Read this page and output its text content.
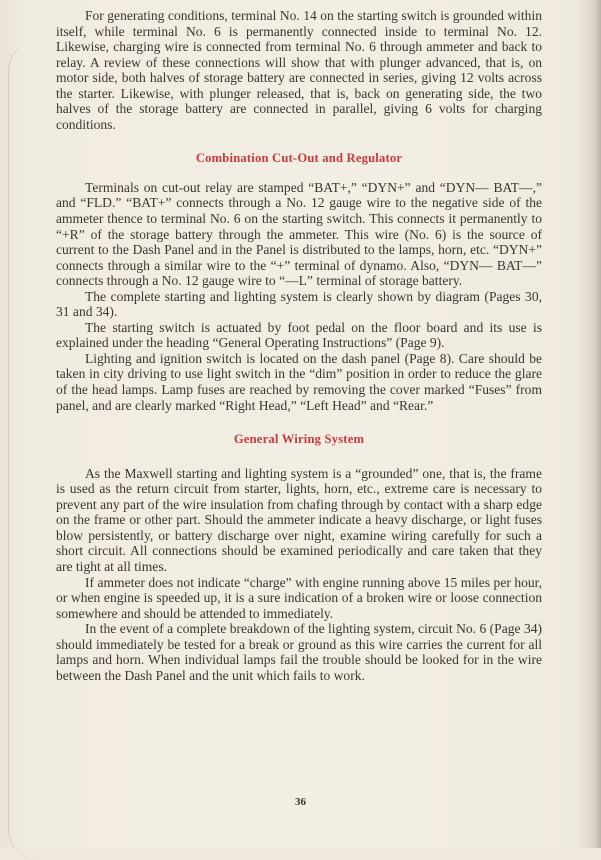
For generating conditions, terminal No. 14 on the starting switch is grounded within itself, while terminal No. 6 is permanently connected inside to terminal No. 12. Likewise, charging wire is connected from terminal No. 6 through ammeter and back to relay. A review of these connections will show that with plunger advanced, that is, on motor side, both halves of storage battery are connected in series, giving 12 volts across the starter. Likewise, with plunger released, that is, back on generating side, the two halves of the storage battery are connected in parallel, giving 6 volts for charging conditions.

Combination Cut-Out and Regulator

Terminals on cut-out relay are stamped “BAT+,” “DYN+” and “DYN— BAT—,” and “FLD.” “BAT+” connects through a No. 12 gauge wire to the negative side of the ammeter thence to terminal No. 6 on the starting switch. This connects it permanently to “+R” of the storage battery through the ammeter. This wire (No. 6) is the source of current to the Dash Panel and in the Panel is distributed to the lamps, horn, etc. “DYN+” connects through a similar wire to the “+” terminal of dynamo. Also, “DYN— BAT—” connects through a No. 12 gauge wire to “—L” terminal of storage battery.

The complete starting and lighting system is clearly shown by diagram (Pages 30, 31 and 34).

The starting switch is actuated by foot pedal on the floor board and its use is explained under the heading “General Operating Instructions” (Page 9).

Lighting and ignition switch is located on the dash panel (Page 8). Care should be taken in city driving to use light switch in the “dim” position in order to reduce the glare of the head lamps. Lamp fuses are reached by removing the cover marked “Fuses” from panel, and are clearly marked “Right Head,” “Left Head” and “Rear.”

General Wiring System

As the Maxwell starting and lighting system is a “grounded” one, that is, the frame is used as the return circuit from starter, lights, horn, etc., extreme care is necessary to prevent any part of the wire insulation from chafing through by contact with a sharp edge on the frame or other part. Should the ammeter indicate a heavy discharge, or light fuses blow persistently, or battery discharge over night, examine wiring carefully for such a short circuit. All connections should be examined periodically and care taken that they are tight at all times.

If ammeter does not indicate “charge” with engine running above 15 miles per hour, or when engine is speeded up, it is a sure indication of a broken wire or loose connection somewhere and should be attended to immediately.

In the event of a complete breakdown of the lighting system, circuit No. 6 (Page 34) should immediately be tested for a break or ground as this wire carries the current for all lamps and horn. When individual lamps fail the trouble should be looked for in the wire between the Dash Panel and the unit which fails to work.

36
